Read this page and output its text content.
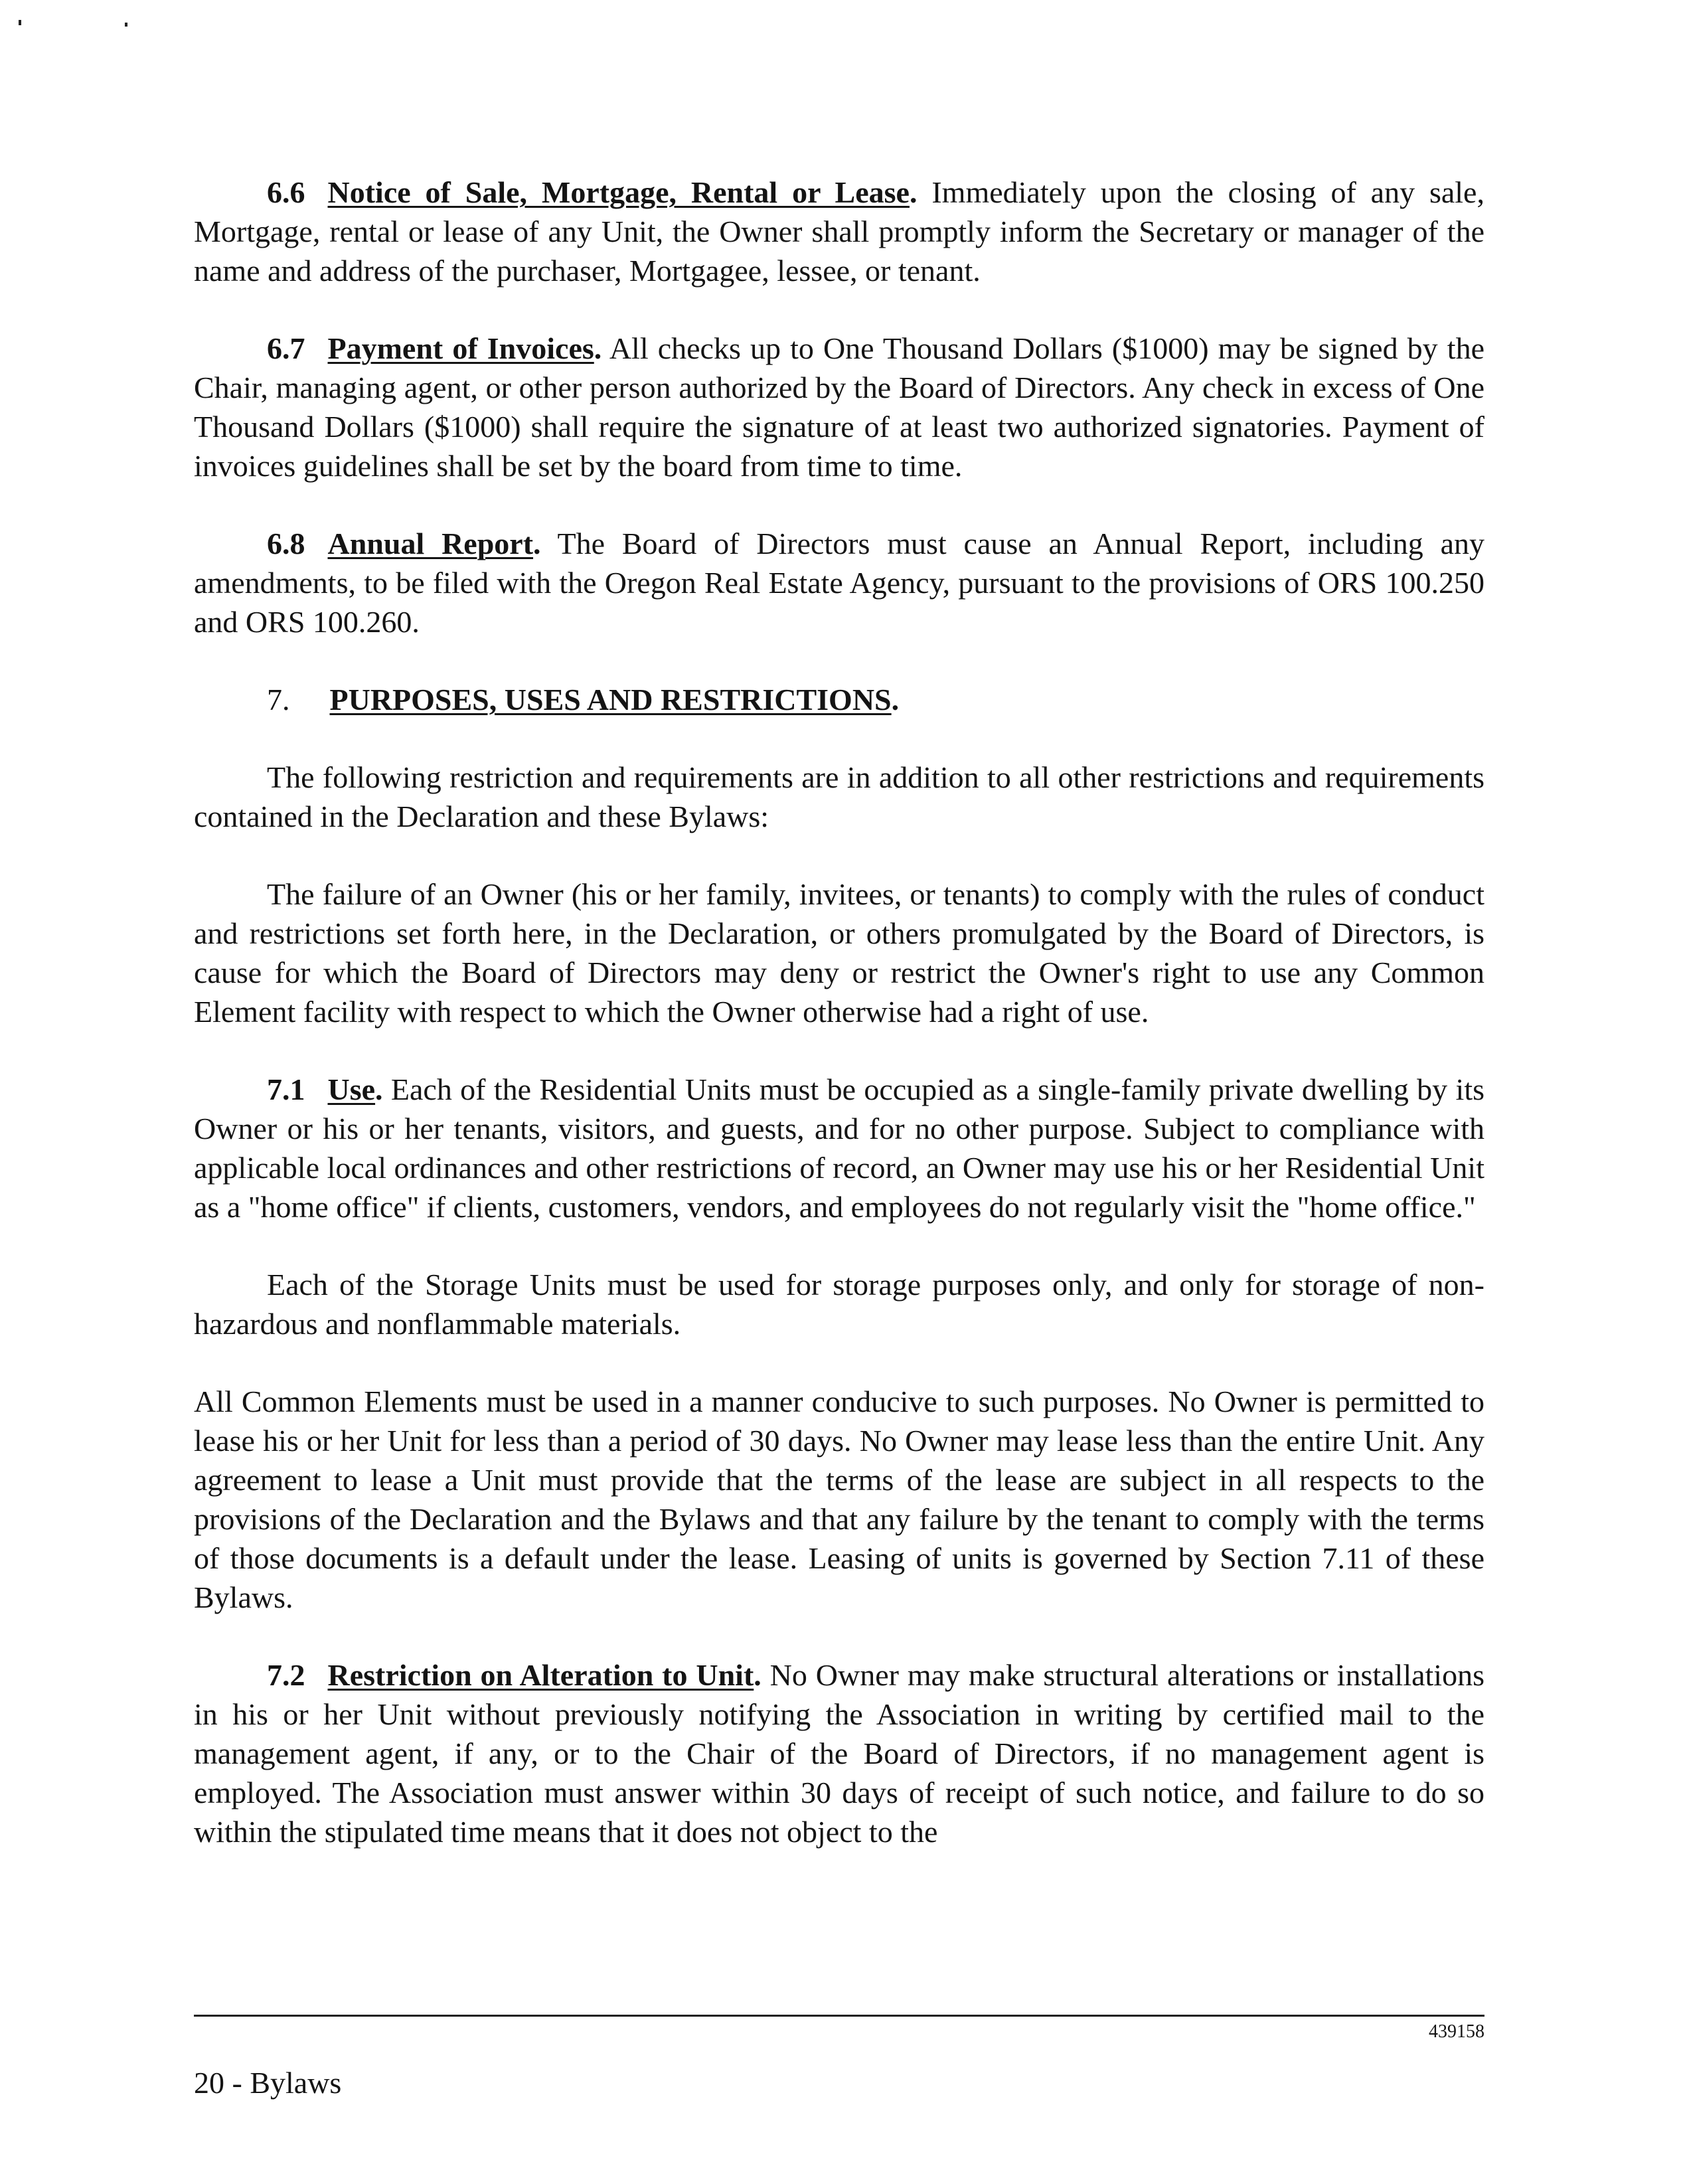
6.6 Notice of Sale, Mortgage, Rental or Lease. Immediately upon the closing of any sale, Mortgage, rental or lease of any Unit, the Owner shall promptly inform the Secretary or manager of the name and address of the purchaser, Mortgagee, lessee, or tenant.

6.7 Payment of Invoices. All checks up to One Thousand Dollars ($1000) may be signed by the Chair, managing agent, or other person authorized by the Board of Directors. Any check in excess of One Thousand Dollars ($1000) shall require the signature of at least two authorized signatories. Payment of invoices guidelines shall be set by the board from time to time.

6.8 Annual Report. The Board of Directors must cause an Annual Report, including any amendments, to be filed with the Oregon Real Estate Agency, pursuant to the provisions of ORS 100.250 and ORS 100.260.

7. PURPOSES, USES AND RESTRICTIONS.

The following restriction and requirements are in addition to all other restrictions and requirements contained in the Declaration and these Bylaws:

The failure of an Owner (his or her family, invitees, or tenants) to comply with the rules of conduct and restrictions set forth here, in the Declaration, or others promulgated by the Board of Directors, is cause for which the Board of Directors may deny or restrict the Owner's right to use any Common Element facility with respect to which the Owner otherwise had a right of use.

7.1 Use. Each of the Residential Units must be occupied as a single-family private dwelling by its Owner or his or her tenants, visitors, and guests, and for no other purpose. Subject to compliance with applicable local ordinances and other restrictions of record, an Owner may use his or her Residential Unit as a "home office" if clients, customers, vendors, and employees do not regularly visit the "home office."

Each of the Storage Units must be used for storage purposes only, and only for storage of non-hazardous and nonflammable materials.

All Common Elements must be used in a manner conducive to such purposes. No Owner is permitted to lease his or her Unit for less than a period of 30 days. No Owner may lease less than the entire Unit. Any agreement to lease a Unit must provide that the terms of the lease are subject in all respects to the provisions of the Declaration and the Bylaws and that any failure by the tenant to comply with the terms of those documents is a default under the lease. Leasing of units is governed by Section 7.11 of these Bylaws.

7.2 Restriction on Alteration to Unit. No Owner may make structural alterations or installations in his or her Unit without previously notifying the Association in writing by certified mail to the management agent, if any, or to the Chair of the Board of Directors, if no management agent is employed. The Association must answer within 30 days of receipt of such notice, and failure to do so within the stipulated time means that it does not object to the

439158
20 - Bylaws
